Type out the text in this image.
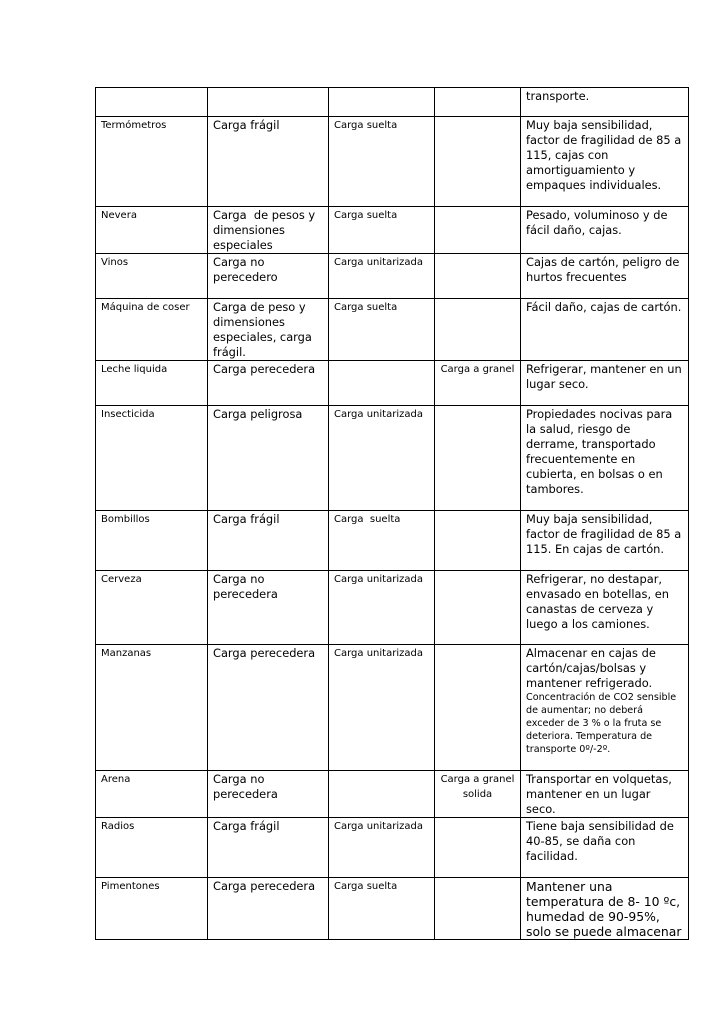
				transporte.
Termómetros	Carga frágil	Carga suelta		Muy baja sensibilidad, factor de fragilidad de 85 a 115, cajas con amortiguamiento y empaques individuales.
Nevera	Carga  de pesos y dimensiones especiales	Carga suelta		Pesado, voluminoso y de fácil daño, cajas.
Vinos	Carga no perecedero	Carga unitarizada		Cajas de cartón, peligro de hurtos frecuentes
Máquina de coser	Carga de peso y dimensiones especiales, carga frágil.	Carga suelta		Fácil daño, cajas de cartón.
Leche liquida	Carga perecedera		Carga a granel	Refrigerar, mantener en un lugar seco.
Insecticida	Carga peligrosa	Carga unitarizada		Propiedades nocivas para la salud, riesgo de derrame, transportado frecuentemente en cubierta, en bolsas o en tambores.
Bombillos	Carga frágil	Carga  suelta		Muy baja sensibilidad, factor de fragilidad de 85 a 115. En cajas de cartón.
Cerveza	Carga no perecedera	Carga unitarizada		Refrigerar, no destapar, envasado en botellas, en canastas de cerveza y luego a los camiones.
Manzanas	Carga perecedera	Carga unitarizada		Almacenar en cajas de cartón/cajas/bolsas y mantener refrigerado.
Concentración de CO2 sensible de aumentar; no deberá exceder de 3 % o la fruta se deteriora. Temperatura de transporte 0º/-2º.

Arena	Carga no perecedera		Carga a granel solida	Transportar en volquetas, mantener en un lugar seco.
Radios	Carga frágil	Carga unitarizada		Tiene baja sensibilidad de 40-85, se daña con facilidad.
Pimentones	Carga perecedera	Carga suelta		Mantener una temperatura de 8- 10 ºc, humedad de 90-95%, solo se puede almacenar
